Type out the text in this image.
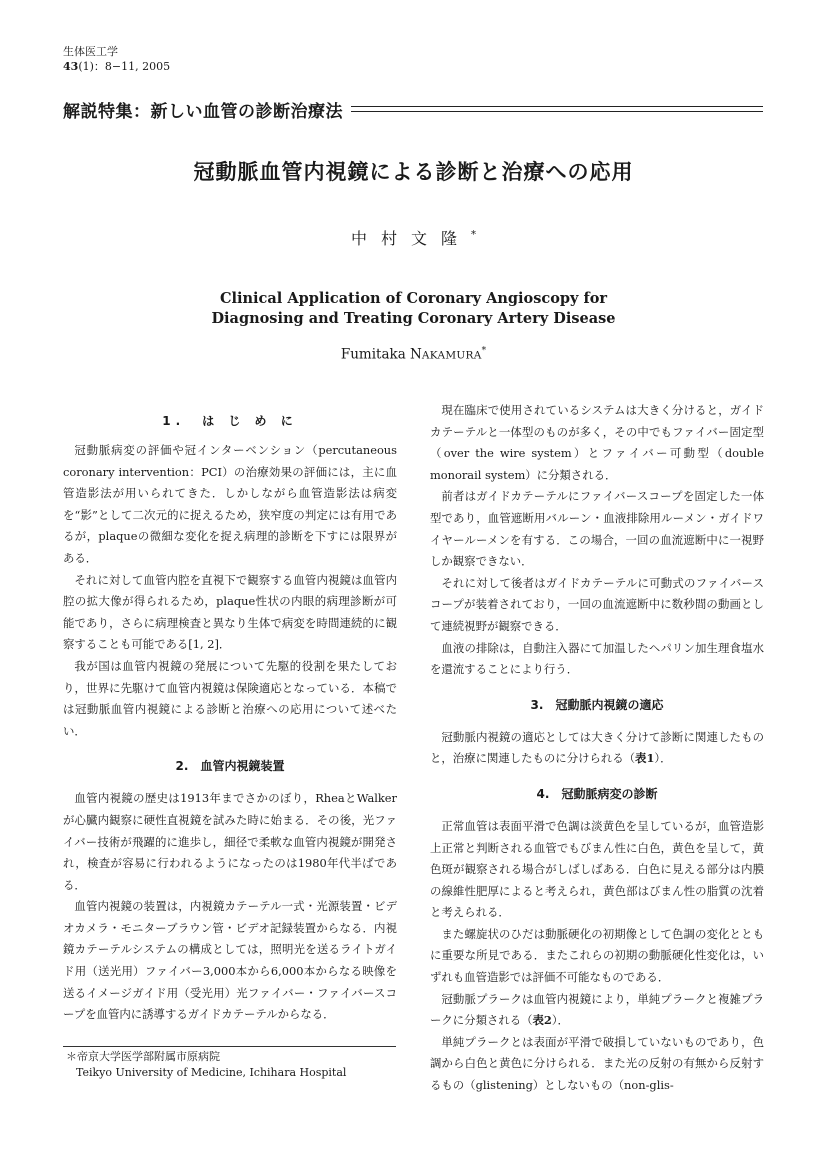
生体医工学
43(1)：8−11, 2005
解説特集：新しい血管の診断治療法
冠動脈血管内視鏡による診断と治療への応用
中村文隆*
Clinical Application of Coronary Angioscopy for
Diagnosing and Treating Coronary Artery Disease
Fumitaka NAKAMURA*
1.　は じ め に

冠動脈病変の評価や冠インターベンション（percutaneous coronary intervention：PCI）の治療効果の評価には，主に血管造影法が用いられてきた．しかしながら血管造影法は病変を“影”として二次元的に捉えるため，狭窄度の判定には有用であるが，plaqueの微細な変化を捉え病理的診断を下すには限界がある．

それに対して血管内腔を直視下で観察する血管内視鏡は血管内腔の拡大像が得られるため，plaque性状の内眼的病理診断が可能であり，さらに病理検査と異なり生体で病変を時間連続的に観察することも可能である[1, 2]．

我が国は血管内視鏡の発展について先駆的役割を果たしており，世界に先駆けて血管内視鏡は保険適応となっている．本稿では冠動脈血管内視鏡による診断と治療への応用について述べたい．

2.　血管内視鏡装置

血管内視鏡の歴史は1913年までさかのぼり，RheaとWalkerが心臓内観察に硬性直視鏡を試みた時に始まる．その後，光ファイバー技術が飛躍的に進歩し，細径で柔軟な血管内視鏡が開発され，検査が容易に行われるようになったのは1980年代半ばである．

血管内視鏡の装置は，内視鏡カテーテル一式・光源装置・ビデオカメラ・モニターブラウン管・ビデオ記録装置からなる．内視鏡カテーテルシステムの構成としては，照明光を送るライトガイド用（送光用）ファイバー3,000本から6,000本からなる映像を送るイメージガイド用（受光用）光ファイバー・ファイバースコープを血管内に誘導するガイドカテーテルからなる．

現在臨床で使用されているシステムは大きく分けると，ガイドカテーテルと一体型のものが多く，その中でもファイバー固定型（over the wire system）とファイバー可動型（double monorail system）に分類される．

前者はガイドカテーテルにファイバースコープを固定した一体型であり，血管遮断用バルーン・血液排除用ルーメン・ガイドワイヤールーメンを有する．この場合，一回の血流遮断中に一視野しか観察できない．

それに対して後者はガイドカテーテルに可動式のファイバースコープが装着されており，一回の血流遮断中に数秒間の動画として連続視野が観察できる．

血液の排除は，自動注入器にて加温したヘパリン加生理食塩水を還流することにより行う．

3.　冠動脈内視鏡の適応

冠動脈内視鏡の適応としては大きく分けて診断に関連したものと，治療に関連したものに分けられる（表1）．

4.　冠動脈病変の診断

正常血管は表面平滑で色調は淡黄色を呈しているが，血管造影上正常と判断される血管でもびまん性に白色，黄色を呈して，黄色斑が観察される場合がしばしばある．白色に見える部分は内膜の線維性肥厚によると考えられ，黄色部はびまん性の脂質の沈着と考えられる．

また螺旋状のひだは動脈硬化の初期像として色調の変化とともに重要な所見である．またこれらの初期の動脈硬化性変化は，いずれも血管造影では評価不可能なものである．

冠動脈プラークは血管内視鏡により，単純プラークと複雑プラークに分類される（表2）．

単純プラークとは表面が平滑で破損していないものであり，色調から白色と黄色に分けられる．また光の反射の有無から反射するもの（glistening）としないもの（non-glis-

＊帝京大学医学部附属市原病院
Teikyo University of Medicine, Ichihara Hospital
